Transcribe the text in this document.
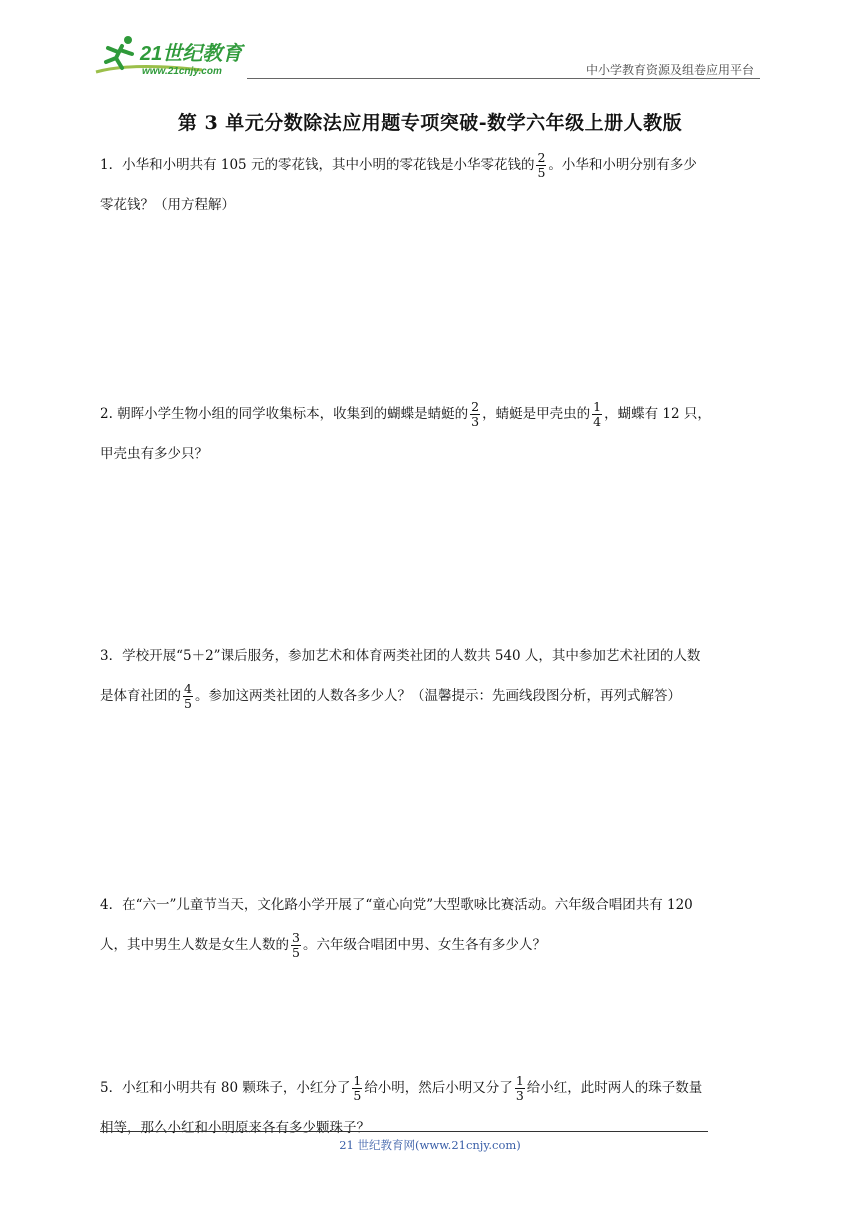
21世纪教育
www.21cnjy.com	中小学教育资源及组卷应用平台
第 3 单元分数除法应用题专项突破-数学六年级上册人教版

1．小华和小明共有 105 元的零花钱，其中小明的零花钱是小华零花钱的 $\frac{2}{5}$ 。小华和小明分别有多少

零花钱？（用方程解）

2. 朝晖小学生物小组的同学收集标本，收集到的蝴蝶是蜻蜓的 $\frac{2}{3}$ ，蜻蜓是甲壳虫的 $\frac{1}{4}$ ，蝴蝶有 12 只，

甲壳虫有多少只？

3．学校开展“5＋2”课后服务，参加艺术和体育两类社团的人数共 540 人，其中参加艺术社团的人数

是体育社团的 $\frac{4}{5}$ 。参加这两类社团的人数各多少人？（温馨提示：先画线段图分析，再列式解答）

4．在“六一”儿童节当天，文化路小学开展了“童心向党”大型歌咏比赛活动。六年级合唱团共有 120

人，其中男生人数是女生人数的 $\frac{3}{5}$ 。六年级合唱团中男、女生各有多少人？

5．小红和小明共有 80 颗珠子，小红分了 $\frac{1}{5}$ 给小明，然后小明又分了 $\frac{1}{3}$ 给小红，此时两人的珠子数量

相等，那么小红和小明原来各有多少颗珠子？

21 世纪教育网(www.21cnjy.com)
